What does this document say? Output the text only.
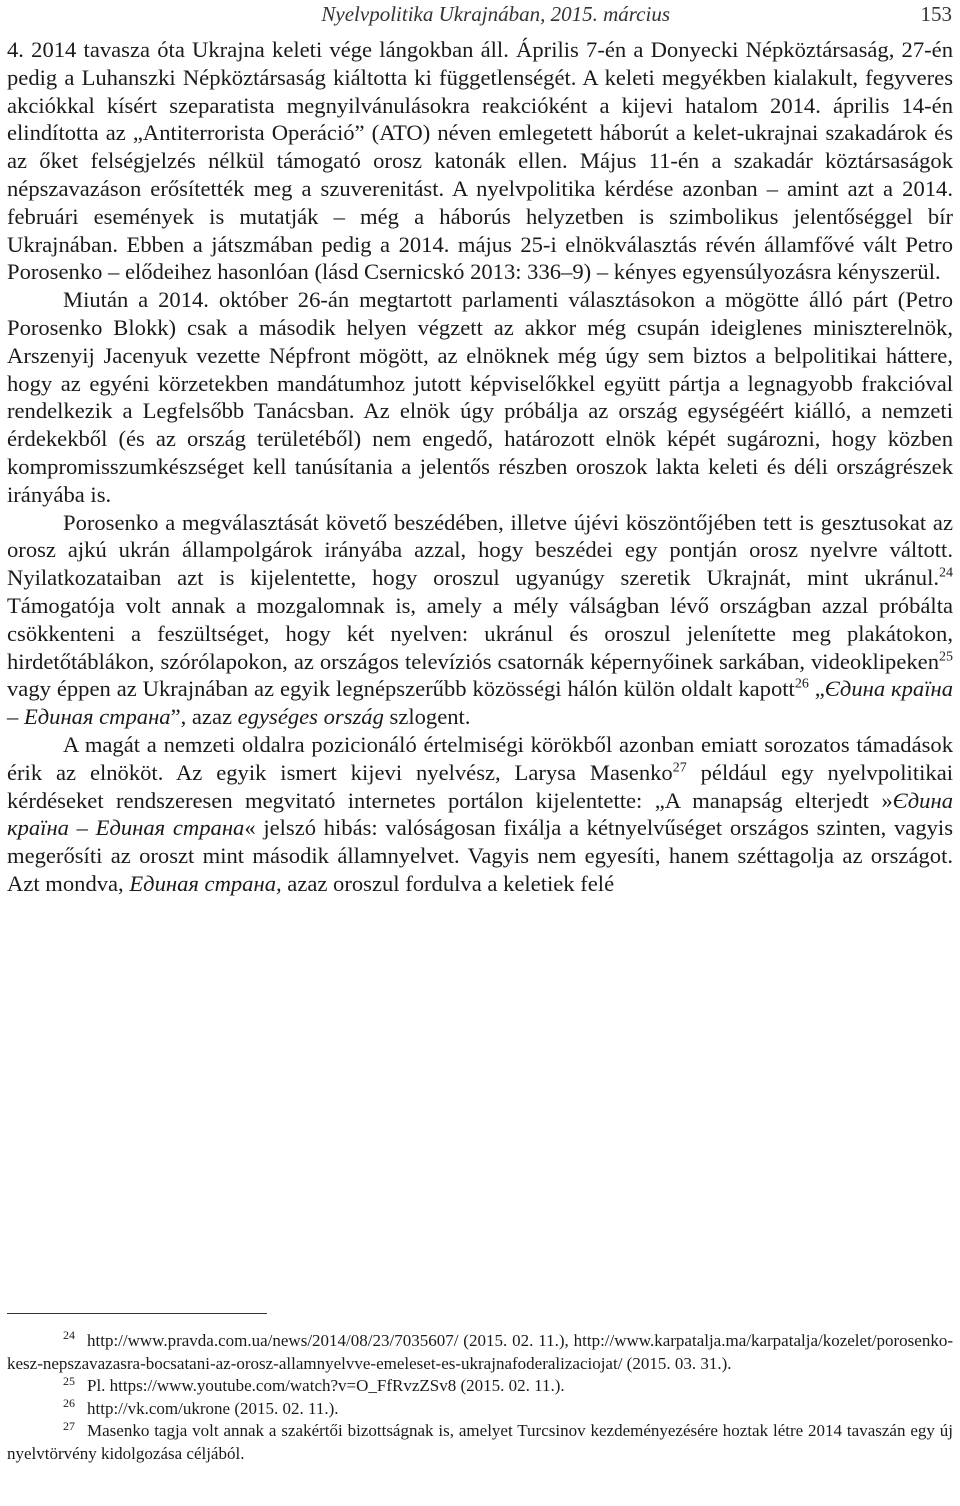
Nyelvpolitika Ukrajnában, 2015. március	153

4. 2014 tavasza óta Ukrajna keleti vége lángokban áll. Április 7-én a Donyecki Népköztársaság, 27-én pedig a Luhanszki Népköztársaság kiáltotta ki függetlenségét. A keleti megyékben kialakult, fegyveres akciókkal kísért szeparatista megnyilvánulásokra reakcióként a kijevi hatalom 2014. április 14-én elindította az „Antiterrorista Operáció” (ATO) néven emlegetett háborút a kelet-ukrajnai szakadárok és az őket felségjelzés nélkül támogató orosz katonák ellen. Május 11-én a szakadár köztársaságok népszavazáson erősítették meg a szuverenitást. A nyelvpolitika kérdése azonban – amint azt a 2014. februári események is mutatják – még a háborús helyzetben is szimbolikus jelentőséggel bír Ukrajnában. Ebben a játszmában pedig a 2014. május 25-i elnökválasztás révén államfővé vált Petro Porosenko – elődeihez hasonlóan (lásd Csernicskó 2013: 336–9) – kényes egyensúlyozásra kényszerül.

Miután a 2014. október 26-án megtartott parlamenti választásokon a mögötte álló párt (Petro Porosenko Blokk) csak a második helyen végzett az akkor még csupán ideiglenes miniszterelnök, Arszenyij Jacenyuk vezette Népfront mögött, az elnöknek még úgy sem biztos a belpolitikai háttere, hogy az egyéni körzetekben mandátumhoz jutott képviselőkkel együtt pártja a legnagyobb frakcióval rendelkezik a Legfelsőbb Tanácsban. Az elnök úgy próbálja az ország egységéért kiálló, a nemzeti érdekekből (és az ország területéből) nem engedő, határozott elnök képét sugározni, hogy közben kompromisszumkészséget kell tanúsítania a jelentős részben oroszok lakta keleti és déli országrészek irányába is.

Porosenko a megválasztását követő beszédében, illetve újévi köszöntőjében tett is gesztusokat az orosz ajkú ukrán állampolgárok irányába azzal, hogy beszédei egy pontján orosz nyelvre váltott. Nyilatkozataiban azt is kijelentette, hogy oroszul ugyanúgy szeretik Ukrajnát, mint ukránul.$^{24}$ Támogatója volt annak a mozgalomnak is, amely a mély válságban lévő országban azzal próbálta csökkenteni a feszültséget, hogy két nyelven: ukránul és oroszul jelenítette meg plakátokon, hirdetőtáblákon, szórólapokon, az országos televíziós csatornák képernyőinek sarkában, videoklipeken$^{25}$ vagy éppen az Ukrajnában az egyik legnépszerűbb közösségi hálón külön oldalt kapott$^{26}$ „Єдина країна – Единая страна”, azaz egységes ország szlogent.

A magát a nemzeti oldalra pozicionáló értelmiségi körökből azonban emiatt sorozatos támadások érik az elnököt. Az egyik ismert kijevi nyelvész, Larysa Masenko$^{27}$ például egy nyelvpolitikai kérdéseket rendszeresen megvitató internetes portálon kijelentette: „A manapság elterjedt »Єдина країна – Единая страна« jelszó hibás: valóságosan fixálja a kétnyelvűséget országos szinten, vagyis megerősíti az oroszt mint második államnyelvet. Vagyis nem egyesíti, hanem széttagolja az országot. Azt mondva, Единая страна, azaz oroszul fordulva a keletiek felé

$^{24}$ http://www.pravda.com.ua/news/2014/08/23/7035607/ (2015. 02. 11.), http://www.karpatalja.ma/karpatalja/kozelet/porosenko-kesz-nepszavazasra-bocsatani-az-orosz-allamnyelvve-emeleset-es-ukrajnafoderalizaciojat/ (2015. 03. 31.).

$^{25}$ Pl. https://www.youtube.com/watch?v=O_FfRvzZSv8 (2015. 02. 11.).

$^{26}$ http://vk.com/ukrone (2015. 02. 11.).

$^{27}$ Masenko tagja volt annak a szakértői bizottságnak is, amelyet Turcsinov kezdeményezésére hoztak létre 2014 tavaszán egy új nyelvtörvény kidolgozása céljából.
